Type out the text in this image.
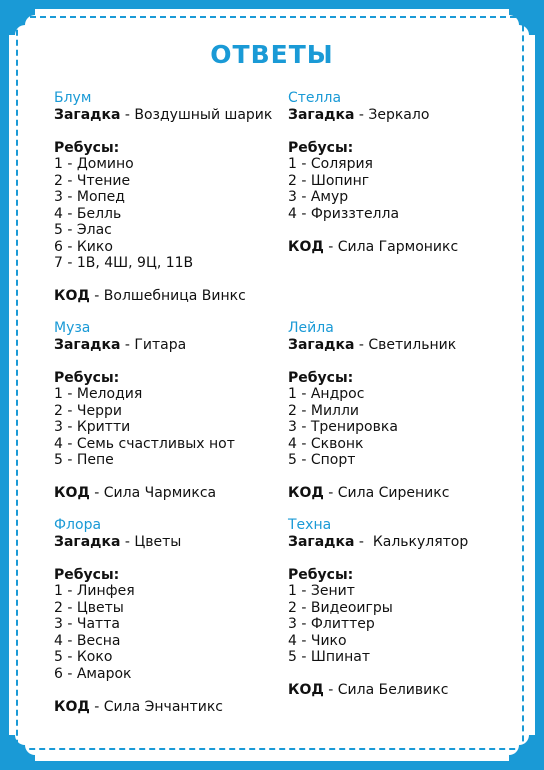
ОТВЕТЫ
Блум
Загадка - Воздушный шарик
Ребусы:
1 - Домино
2 - Чтение
3 - Мопед
4 - Белль
5 - Элас
6 - Кико
7 - 1В, 4Ш, 9Ц, 11В
КОД - Волшебница Винкс
Стелла
Загадка - Зеркало
Ребусы:
1 - Солярия
2 - Шопинг
3 - Амур
4 - Фриззтелла
КОД - Сила Гармоникс
Муза
Загадка - Гитара
Ребусы:
1 - Мелодия
2 - Черри
3 - Критти
4 - Семь счастливых нот
5 - Пепе
КОД - Сила Чармикса
Лейла
Загадка - Светильник
Ребусы:
1 - Андрос
2 - Милли
3 - Тренировка
4 - Сквонк
5 - Спорт
КОД - Сила Сиреникс
Флора
Загадка - Цветы
Ребусы:
1 - Линфея
2 - Цветы
3 - Чатта
4 - Весна
5 - Коко
6 - Амарок
КОД - Сила Энчантикс
Техна
Загадка -  Калькулятор
Ребусы:
1 - Зенит
2 - Видеоигры
3 - Флиттер
4 - Чико
5 - Шпинат
КОД - Сила Беливикс
